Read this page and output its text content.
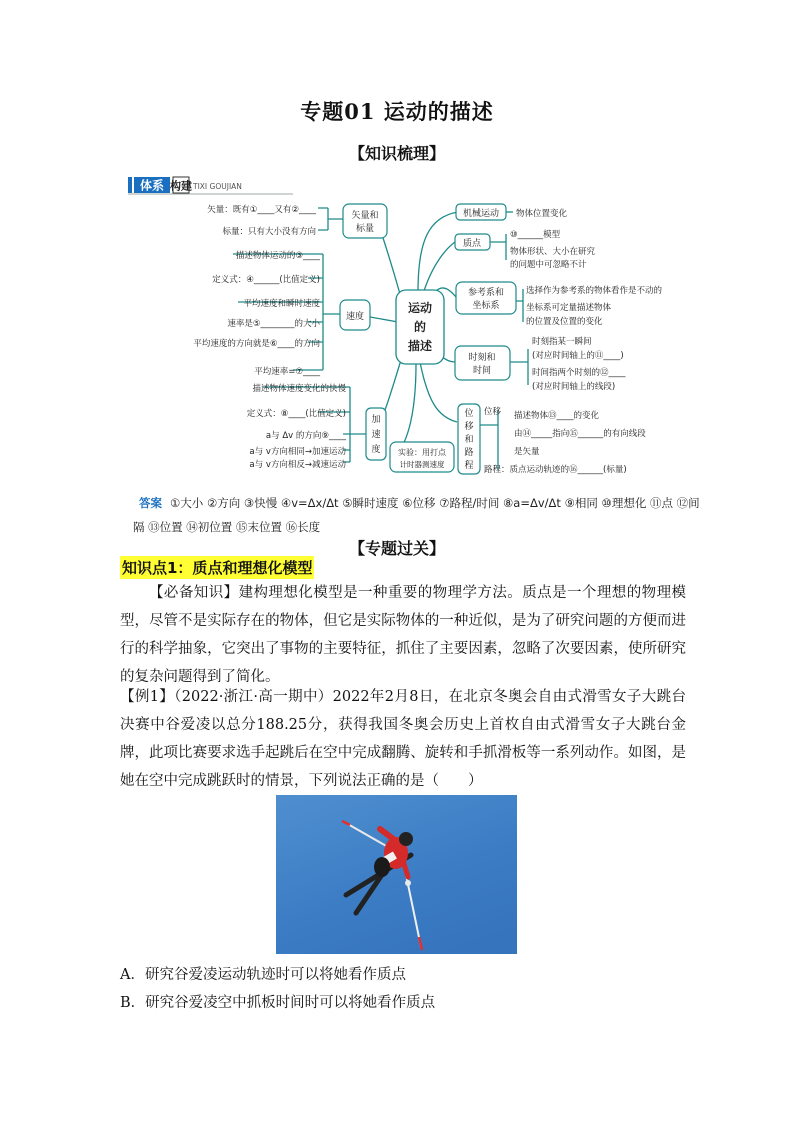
专题01 运动的描述
【知识梳理】
体系 构建 TIXI GOUJIAN
运动
的
描述
矢量和
标量
矢量：既有①____又有②____
标量：只有大小没有方向
速度
描述物体运动的③____
定义式：④______(比值定义)
平均速度和瞬时速度
速率是⑤________的大小
平均速度的方向就是⑥____的方向
平均速率=⑦____
加
速
度
描述物体速度变化的快慢
定义式：⑧____(比值定义)
a与 Δv 的方向⑨____
a与 v方向相同→加速运动
a与 v方向相反→减速运动
机械运动 物体位置变化
质点
⑩______模型
物体形状、大小在研究
的问题中可忽略不计
参考系和
坐标系
选择作为参考系的物体看作是不动的
坐标系可定量描述物体
的位置及位置的变化
时刻和
时间
时刻指某一瞬间
(对应时间轴上的⑪____)
时间指两个时刻的⑫____
(对应时间轴上的线段)
位
移
和
路
程
位移 描述物体⑬____的变化
由⑭_____指向⑮______的有向线段
是矢量
路程：质点运动轨迹的⑯______(标量)
实验：用打点
计时器测速度
答案 ①大小 ②方向 ③快慢 ④v=Δx/Δt ⑤瞬时速度 ⑥位移 ⑦路程/时间 ⑧a=Δv/Δt ⑨相同 ⑩理想化 ⑪点 ⑫间
隔 ⑬位置 ⑭初位置 ⑮末位置 ⑯长度
【专题过关】
知识点1：质点和理想化模型

【必备知识】建构理想化模型是一种重要的物理学方法。质点是一个理想的物理模型，尽管不是实际存在的物体，但它是实际物体的一种近似，是为了研究问题的方便而进行的科学抽象，它突出了事物的主要特征，抓住了主要因素，忽略了次要因素，使所研究的复杂问题得到了简化。

【例1】（2022·浙江·高一期中）2022年2月8日，在北京冬奥会自由式滑雪女子大跳台决赛中谷爱凌以总分188.25分，获得我国冬奥会历史上首枚自由式滑雪女子大跳台金牌，此项比赛要求选手起跳后在空中完成翻腾、旋转和手抓滑板等一系列动作。如图，是她在空中完成跳跃时的情景，下列说法正确的是（　　）

A．研究谷爱凌运动轨迹时可以将她看作质点
B．研究谷爱凌空中抓板时间时可以将她看作质点
